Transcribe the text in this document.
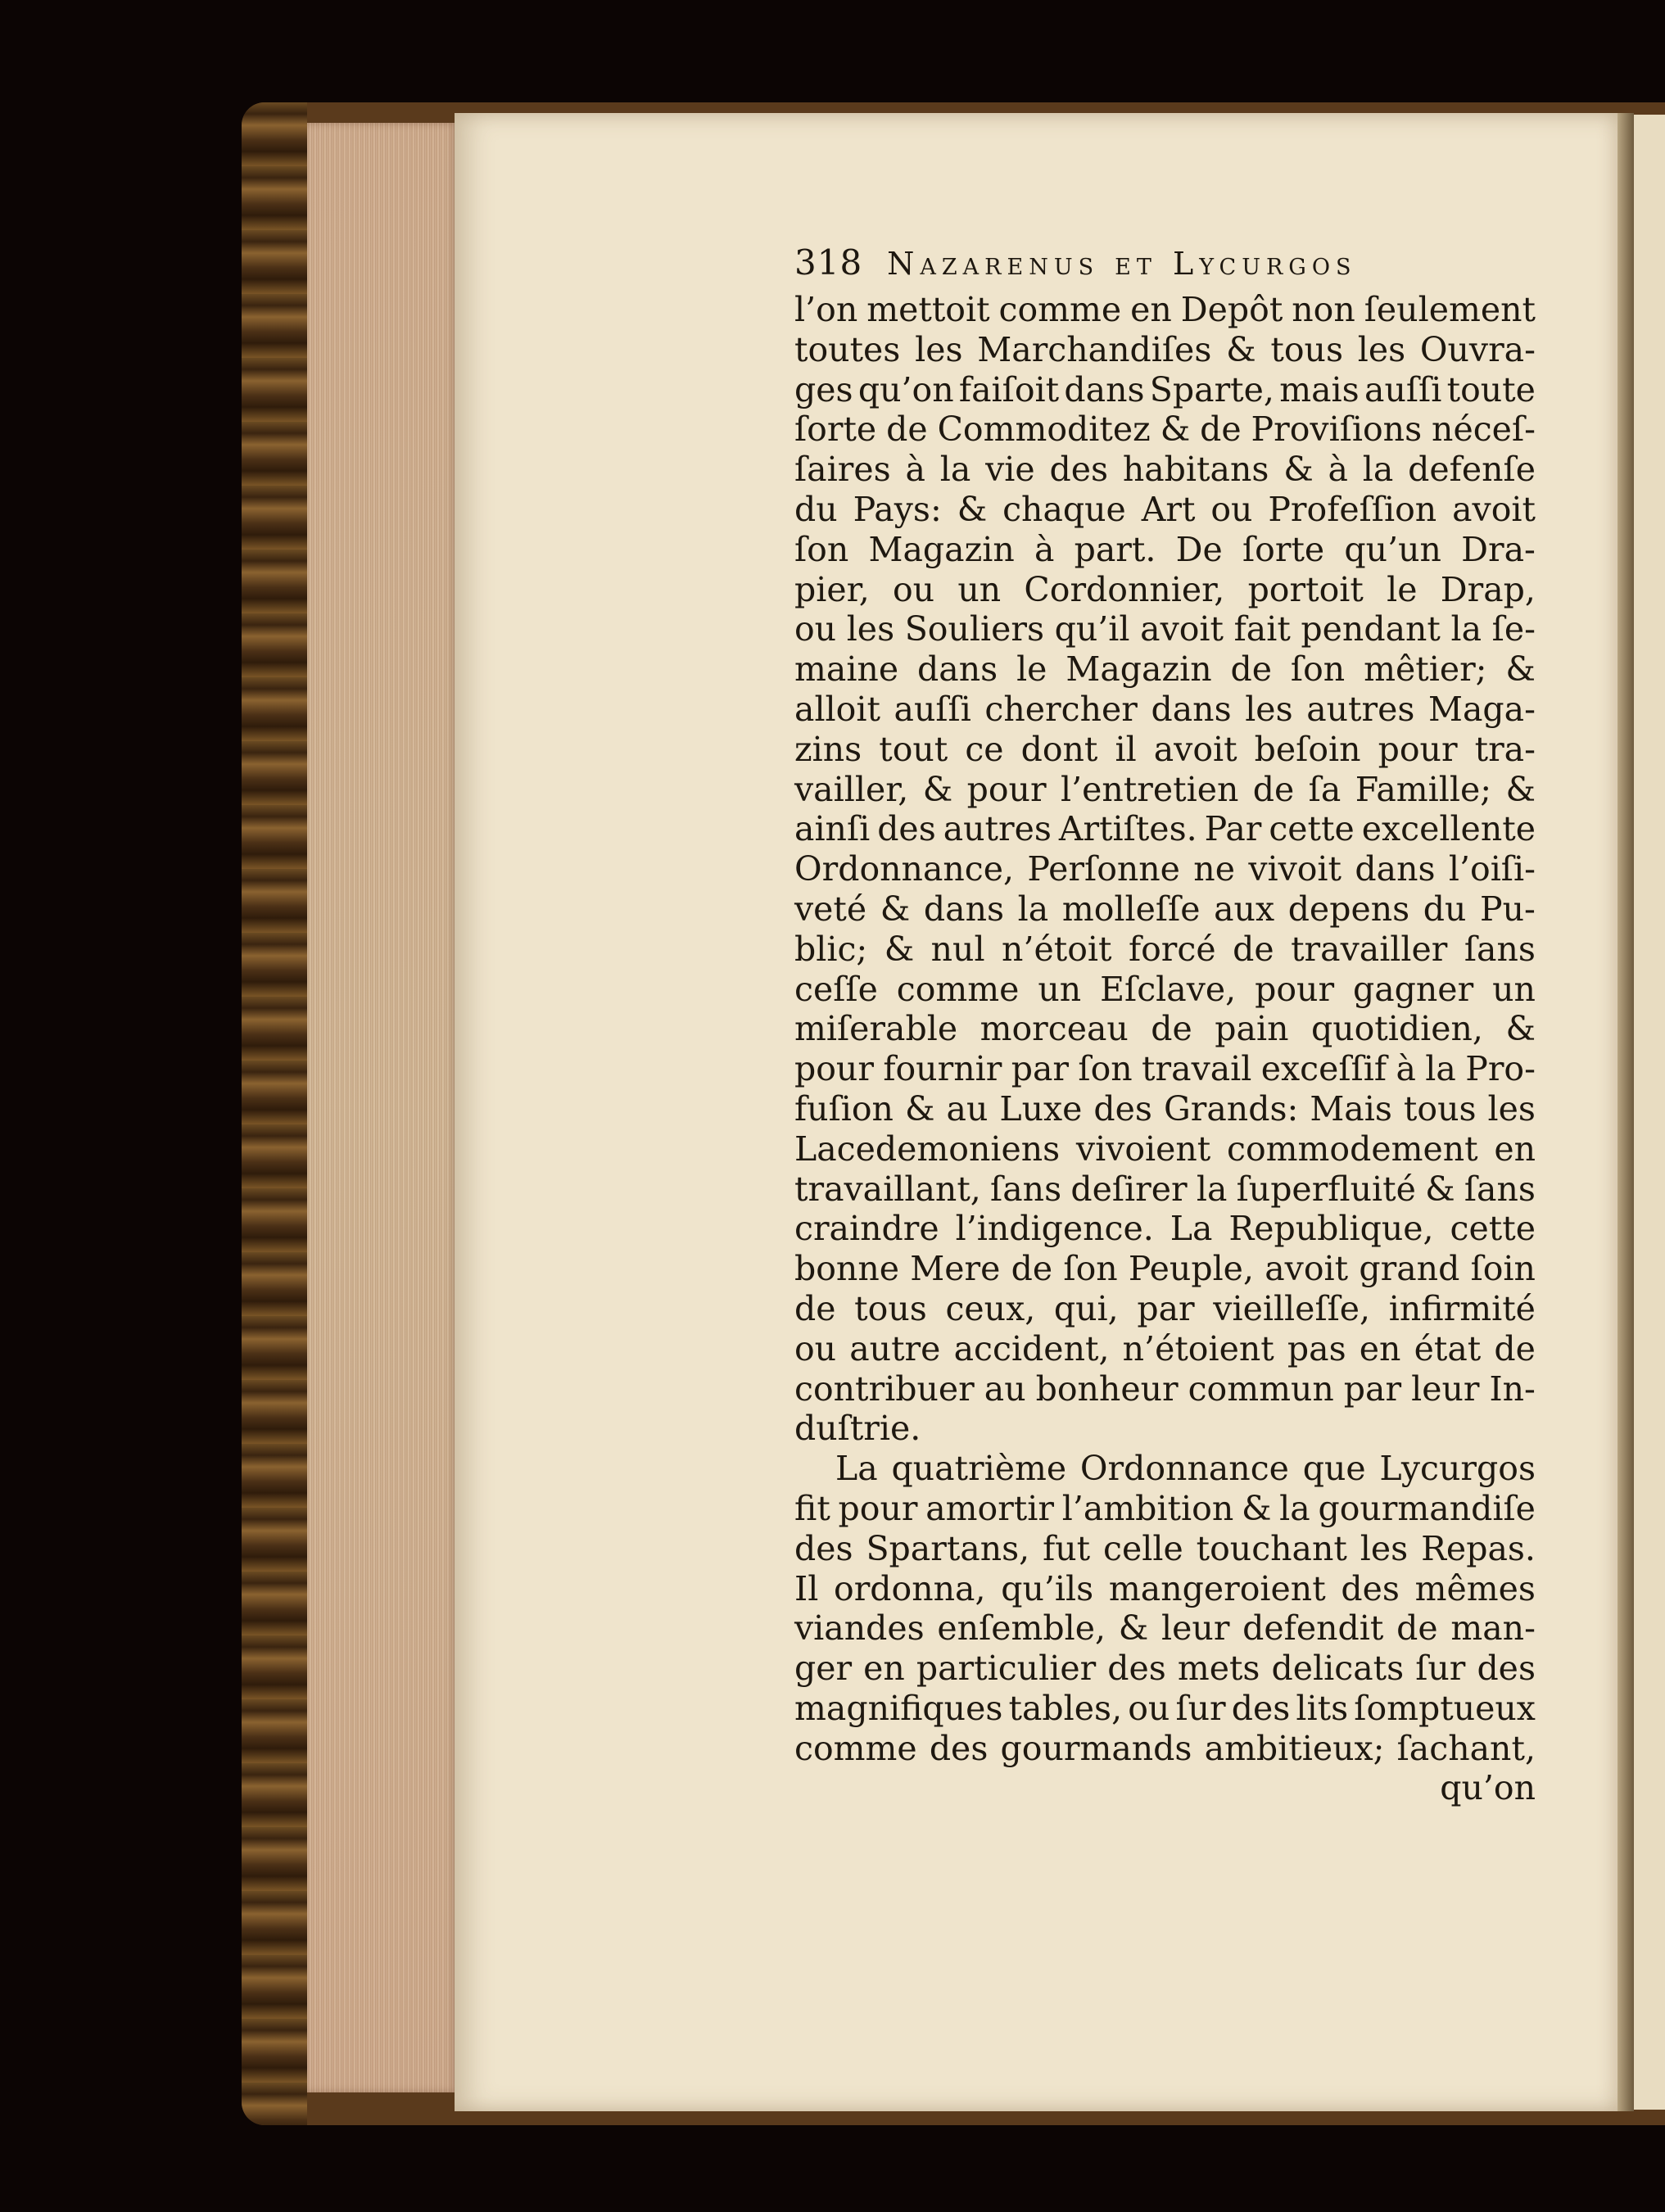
318 Nazarenus et Lycurgos
l’on mettoit comme en Depôt non ſeulement
toutes les Marchandiſes & tous les Ouvra-
ges qu’on faiſoit dans Sparte, mais auſſi toute
ſorte de Commoditez & de Proviſions néceſ-
ſaires à la vie des habitans & à la defenſe
du Pays: & chaque Art ou Profeſſion avoit
ſon Magazin à part. De ſorte qu’un Dra-
pier, ou un Cordonnier, portoit le Drap,
ou les Souliers qu’il avoit fait pendant la ſe-
maine dans le Magazin de ſon mêtier; &
alloit auſſi chercher dans les autres Maga-
zins tout ce dont il avoit beſoin pour tra-
vailler, & pour l’entretien de ſa Famille; &
ainſi des autres Artiſtes. Par cette excellente
Ordonnance, Perſonne ne vivoit dans l’oiſi-
veté & dans la molleſſe aux depens du Pu-
blic; & nul n’étoit forcé de travailler ſans
ceſſe comme un Eſclave, pour gagner un
miſerable morceau de pain quotidien, &
pour fournir par ſon travail exceſſif à la Pro-
fuſion & au Luxe des Grands: Mais tous les
Lacedemoniens vivoient commodement en
travaillant, ſans deſirer la ſuperfluité & ſans
craindre l’indigence. La Republique, cette
bonne Mere de ſon Peuple, avoit grand ſoin
de tous ceux, qui, par vieilleſſe, infirmité
ou autre accident, n’étoient pas en état de
contribuer au bonheur commun par leur In-
duſtrie.
La quatrième Ordonnance que Lycurgos
fit pour amortir l’ambition & la gourmandiſe
des Spartans, fut celle touchant les Repas.
Il ordonna, qu’ils mangeroient des mêmes
viandes enſemble, & leur defendit de man-
ger en particulier des mets delicats ſur des
magnifiques tables, ou ſur des lits ſomptueux
comme des gourmands ambitieux; ſachant,
qu’on
